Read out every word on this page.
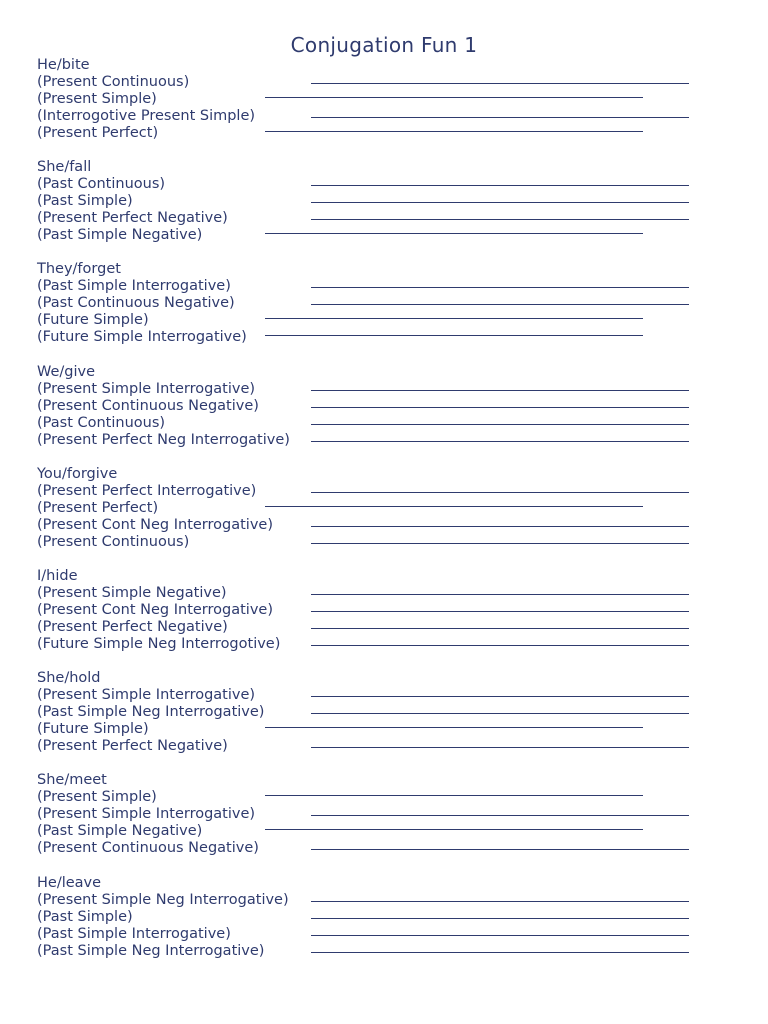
Conjugation Fun 1
He/bite
(Present Continuous)
(Present Simple)
(Interrogotive Present Simple)
(Present Perfect)
She/fall
(Past Continuous)
(Past Simple)
(Present Perfect Negative)
(Past Simple Negative)
They/forget
(Past Simple Interrogative)
(Past Continuous Negative)
(Future Simple)
(Future Simple Interrogative)
We/give
(Present Simple Interrogative)
(Present Continuous Negative)
(Past Continuous)
(Present Perfect Neg Interrogative)
You/forgive
(Present Perfect Interrogative)
(Present Perfect)
(Present Cont Neg Interrogative)
(Present Continuous)
I/hide
(Present Simple Negative)
(Present Cont Neg Interrogative)
(Present Perfect Negative)
(Future Simple Neg Interrogotive)
She/hold
(Present Simple Interrogative)
(Past Simple Neg Interrogative)
(Future Simple)
(Present Perfect Negative)
She/meet
(Present Simple)
(Present Simple Interrogative)
(Past Simple Negative)
(Present Continuous Negative)
He/leave
(Present Simple Neg Interrogative)
(Past Simple)
(Past Simple Interrogative)
(Past Simple Neg Interrogative)
